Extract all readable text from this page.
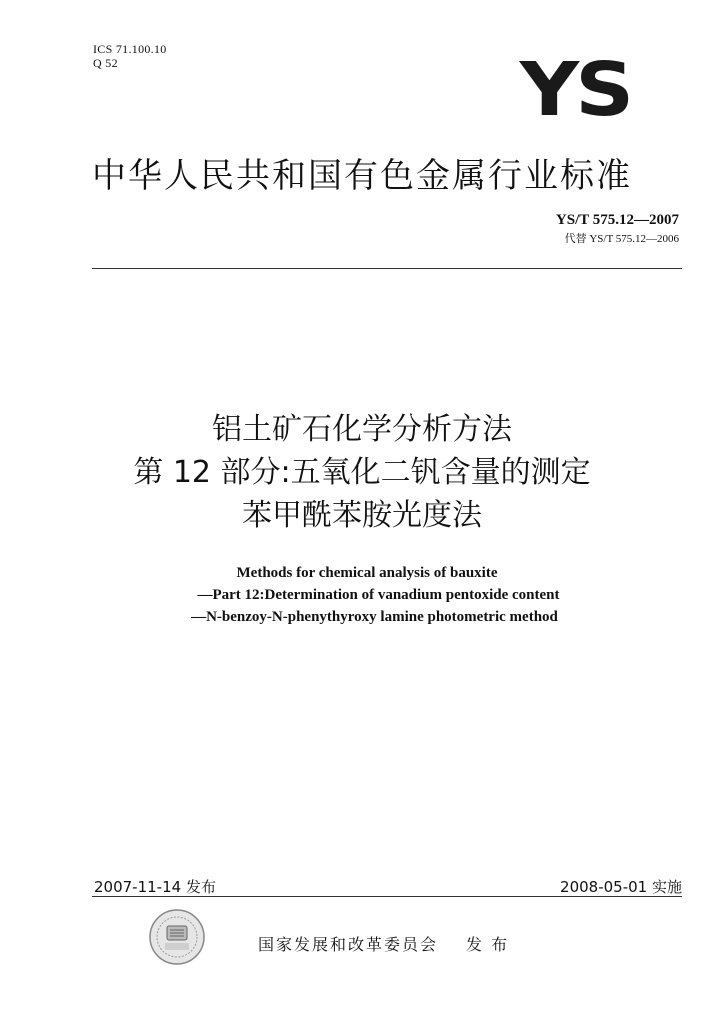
ICS 71.100.10
Q 52	YS
中华人民共和国有色金属行业标准
YS/T 575.12—2007
代替 YS/T 575.12—2006
铝土矿石化学分析方法
第 12 部分:五氧化二钒含量的测定
苯甲酰苯胺光度法
Methods for chemical analysis of bauxite
—Part 12:Determination of vanadium pentoxide content
—N-benzoy-N-phenythyroxy lamine photometric method
2007-11-14 发布	2008-05-01 实施
国家发展和改革委员会 发 布
